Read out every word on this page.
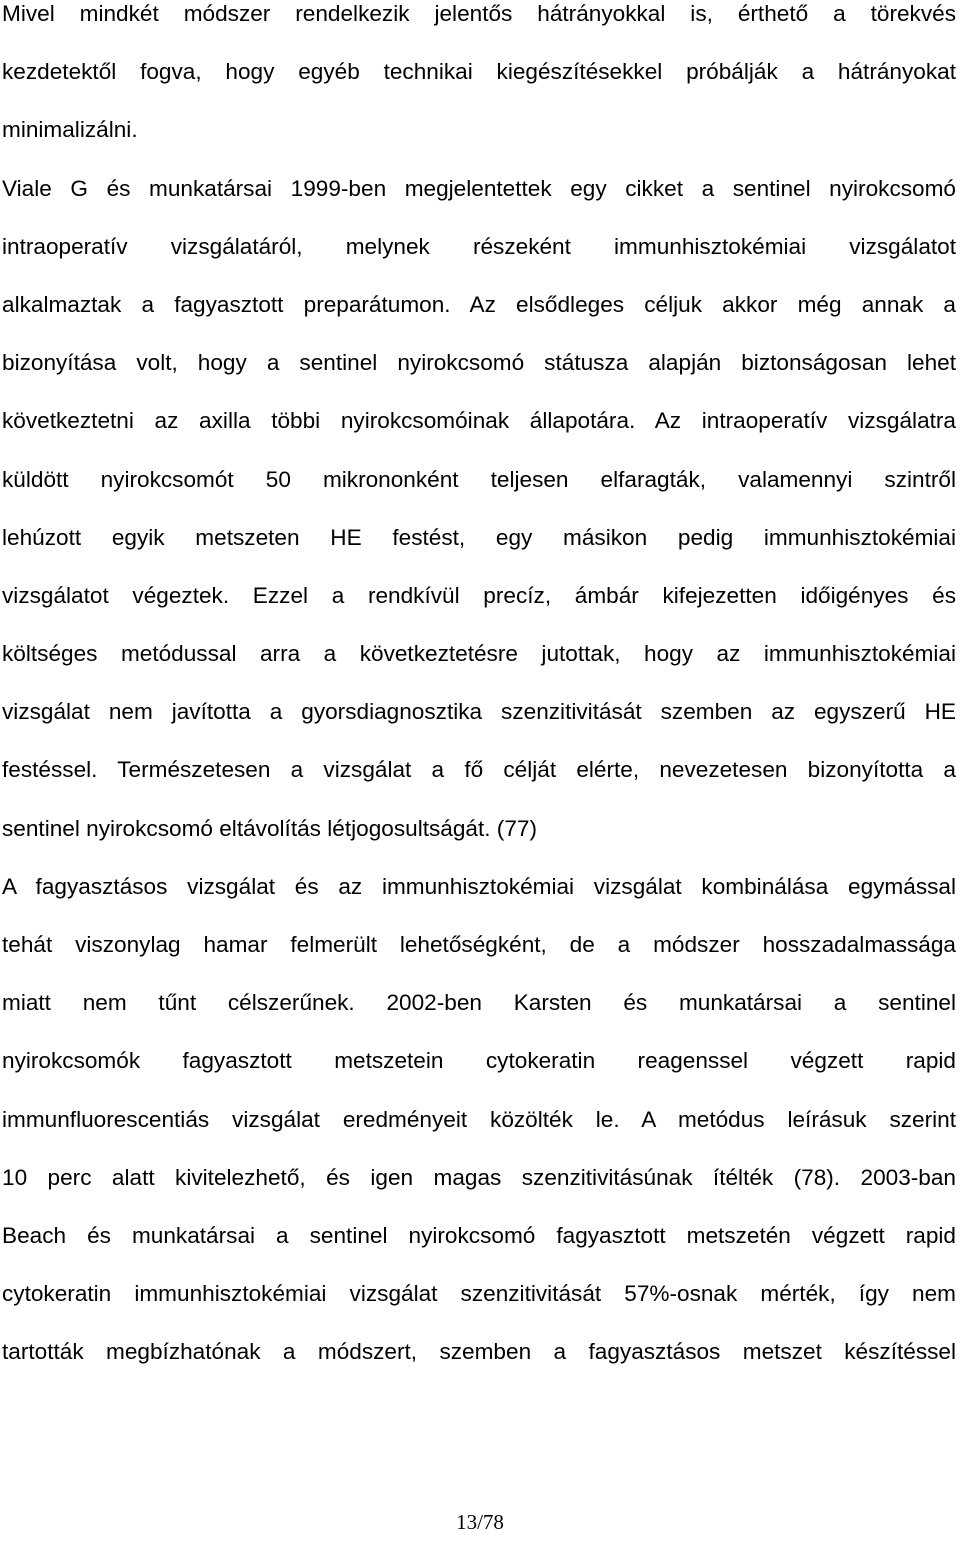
Mivel mindkét módszer rendelkezik jelentős hátrányokkal is, érthető a törekvés
kezdetektől fogva, hogy egyéb technikai kiegészítésekkel próbálják a hátrányokat
minimalizálni.
Viale G és munkatársai 1999-ben megjelentettek egy cikket a sentinel nyirokcsomó
intraoperatív vizsgálatáról, melynek részeként immunhisztokémiai vizsgálatot
alkalmaztak a fagyasztott preparátumon. Az elsődleges céljuk akkor még annak a
bizonyítása volt, hogy a sentinel nyirokcsomó státusza alapján biztonságosan lehet
következtetni az axilla többi nyirokcsomóinak állapotára. Az intraoperatív vizsgálatra
küldött nyirokcsomót 50 mikrononként teljesen elfaragták, valamennyi szintről
lehúzott egyik metszeten HE festést, egy másikon pedig immunhisztokémiai
vizsgálatot végeztek. Ezzel a rendkívül precíz, ámbár kifejezetten időigényes és
költséges metódussal arra a következtetésre jutottak, hogy az immunhisztokémiai
vizsgálat nem javította a gyorsdiagnosztika szenzitivitását szemben az egyszerű HE
festéssel. Természetesen a vizsgálat a fő célját elérte, nevezetesen bizonyította a
sentinel nyirokcsomó eltávolítás létjogosultságát. (77)
A fagyasztásos vizsgálat és az immunhisztokémiai vizsgálat kombinálása egymással
tehát viszonylag hamar felmerült lehetőségként, de a módszer hosszadalmassága
miatt nem tűnt célszerűnek. 2002-ben Karsten és munkatársai a sentinel
nyirokcsomók fagyasztott metszetein cytokeratin reagenssel végzett rapid
immunfluorescentiás vizsgálat eredményeit közölték le. A metódus leírásuk szerint
10 perc alatt kivitelezhető, és igen magas szenzitivitásúnak ítélték (78). 2003-ban
Beach és munkatársai a sentinel nyirokcsomó fagyasztott metszetén végzett rapid
cytokeratin immunhisztokémiai vizsgálat szenzitivitását 57%-osnak mérték, így nem
tartották megbízhatónak a módszert, szemben a fagyasztásos metszet készítéssel
13/78
